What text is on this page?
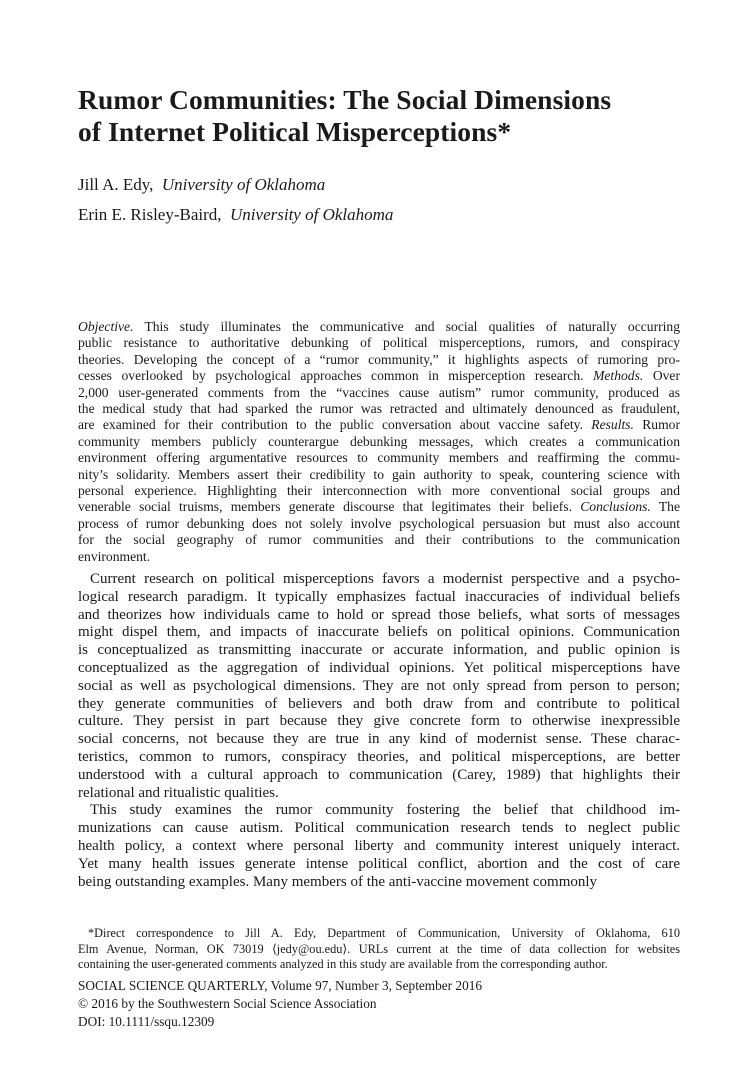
Rumor Communities: The Social Dimensions
of Internet Political Misperceptions*
Jill A. Edy, University of Oklahoma
Erin E. Risley-Baird, University of Oklahoma
Objective. This study illuminates the communicative and social qualities of naturally occurring
public resistance to authoritative debunking of political misperceptions, rumors, and conspiracy
theories. Developing the concept of a “rumor community,” it highlights aspects of rumoring pro-
cesses overlooked by psychological approaches common in misperception research. Methods. Over
2,000 user-generated comments from the “vaccines cause autism” rumor community, produced as
the medical study that had sparked the rumor was retracted and ultimately denounced as fraudulent,
are examined for their contribution to the public conversation about vaccine safety. Results. Rumor
community members publicly counterargue debunking messages, which creates a communication
environment offering argumentative resources to community members and reaffirming the commu-
nity’s solidarity. Members assert their credibility to gain authority to speak, countering science with
personal experience. Highlighting their interconnection with more conventional social groups and
venerable social truisms, members generate discourse that legitimates their beliefs. Conclusions. The
process of rumor debunking does not solely involve psychological persuasion but must also account
for the social geography of rumor communities and their contributions to the communication
environment.
Current research on political misperceptions favors a modernist perspective and a psycho-
logical research paradigm. It typically emphasizes factual inaccuracies of individual beliefs
and theorizes how individuals came to hold or spread those beliefs, what sorts of messages
might dispel them, and impacts of inaccurate beliefs on political opinions. Communication
is conceptualized as transmitting inaccurate or accurate information, and public opinion is
conceptualized as the aggregation of individual opinions. Yet political misperceptions have
social as well as psychological dimensions. They are not only spread from person to person;
they generate communities of believers and both draw from and contribute to political
culture. They persist in part because they give concrete form to otherwise inexpressible
social concerns, not because they are true in any kind of modernist sense. These charac-
teristics, common to rumors, conspiracy theories, and political misperceptions, are better
understood with a cultural approach to communication (Carey, 1989) that highlights their
relational and ritualistic qualities.
This study examines the rumor community fostering the belief that childhood im-
munizations can cause autism. Political communication research tends to neglect public
health policy, a context where personal liberty and community interest uniquely interact.
Yet many health issues generate intense political conflict, abortion and the cost of care
being outstanding examples. Many members of the anti-vaccine movement commonly
*Direct correspondence to Jill A. Edy, Department of Communication, University of Oklahoma, 610
Elm Avenue, Norman, OK 73019 ⟨jedy@ou.edu⟩. URLs current at the time of data collection for websites
containing the user-generated comments analyzed in this study are available from the corresponding author.
SOCIAL SCIENCE QUARTERLY, Volume 97, Number 3, September 2016
© 2016 by the Southwestern Social Science Association
DOI: 10.1111/ssqu.12309
